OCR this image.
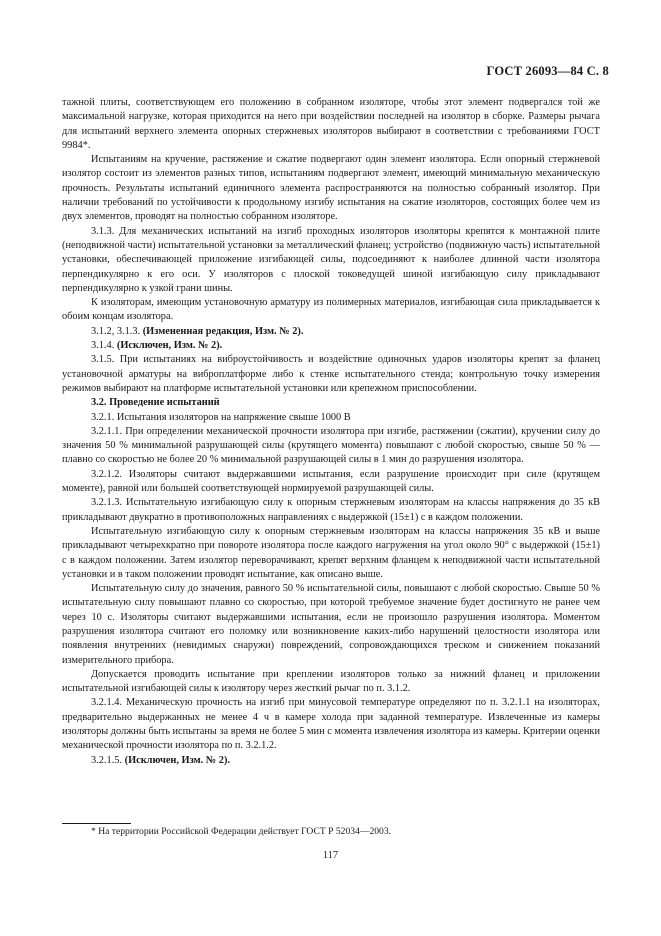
ГОСТ 26093—84 С. 8

тажной плиты, соответствующем его положению в собранном изоляторе, чтобы этот элемент подвергался той же максимальной нагрузке, которая приходится на него при воздействии последней на изолятор в сборке. Размеры рычага для испытаний верхнего элемента опорных стержневых изоляторов выбирают в соответствии с требованиями ГОСТ 9984*.

Испытаниям на кручение, растяжение и сжатие подвергают один элемент изолятора. Если опорный стержневой изолятор состоит из элементов разных типов, испытаниям подвергают элемент, имеющий минимальную механическую прочность. Результаты испытаний единичного элемента распространяются на полностью собранный изолятор. При наличии требований по устойчивости к продольному изгибу испытания на сжатие изоляторов, состоящих более чем из двух элементов, проводят на полностью собранном изоляторе.

3.1.3. Для механических испытаний на изгиб проходных изоляторов изоляторы крепятся к монтажной плите (неподвижной части) испытательной установки за металлический фланец; устройство (подвижную часть) испытательной установки, обеспечивающей приложение изгибающей силы, подсоединяют к наиболее длинной части изолятора перпендикулярно к его оси. У изоляторов с плоской токоведущей шиной изгибающую силу прикладывают перпендикулярно к узкой грани шины.

К изоляторам, имеющим установочную арматуру из полимерных материалов, изгибающая сила прикладывается к обоим концам изолятора.

3.1.2, 3.1.3. (Измененная редакция, Изм. № 2).

3.1.4. (Исключен, Изм. № 2).

3.1.5. При испытаниях на виброустойчивость и воздействие одиночных ударов изоляторы крепят за фланец установочной арматуры на виброплатформе либо к стенке испытательного стенда; контрольную точку измерения режимов выбирают на платформе испытательной установки или крепежном приспособлении.

3.2. Проведение испытаний

3.2.1. Испытания изоляторов на напряжение свыше 1000 В

3.2.1.1. При определении механической прочности изолятора при изгибе, растяжении (сжатии), кручении силу до значения 50 % минимальной разрушающей силы (крутящего момента) повышают с любой скоростью, свыше 50 % — плавно со скоростью не более 20 % минимальной разрушающей силы в 1 мин до разрушения изолятора.

3.2.1.2. Изоляторы считают выдержавшими испытания, если разрушение происходит при силе (крутящем моменте), равной или большей соответствующей нормируемой разрушающей силы.

3.2.1.3. Испытательную изгибающую силу к опорным стержневым изоляторам на классы напряжения до 35 кВ прикладывают двукратно в противоположных направлениях с выдержкой (15±1) с в каждом положении.

Испытательную изгибающую силу к опорным стержневым изоляторам на классы напряжения 35 кВ и выше прикладывают четырехкратно при повороте изолятора после каждого нагружения на угол около 90° с выдержкой (15±1) с в каждом положении. Затем изолятор переворачивают, крепят верхним фланцем к неподвижной части испытательной установки и в таком положении проводят испытание, как описано выше.

Испытательную силу до значения, равного 50 % испытательной силы, повышают с любой скоростью. Свыше 50 % испытательную силу повышают плавно со скоростью, при которой требуемое значение будет достигнуто не ранее чем через 10 с. Изоляторы считают выдержавшими испытания, если не произошло разрушения изолятора. Моментом разрушения изолятора считают его поломку или возникновение каких-либо нарушений целостности изолятора или появления внутренних (невидимых снаружи) повреждений, сопровождающихся треском и снижением показаний измерительного прибора.

Допускается проводить испытание при креплении изоляторов только за нижний фланец и приложении испытательной изгибающей силы к изолятору через жесткий рычаг по п. 3.1.2.

3.2.1.4. Механическую прочность на изгиб при минусовой температуре определяют по п. 3.2.1.1 на изоляторах, предварительно выдержанных не менее 4 ч в камере холода при заданной температуре. Извлеченные из камеры изоляторы должны быть испытаны за время не более 5 мин с момента извлечения изолятора из камеры. Критерии оценки механической прочности изолятора по п. 3.2.1.2.

3.2.1.5. (Исключен, Изм. № 2).

* На территории Российской Федерации действует ГОСТ Р 52034—2003.
117
